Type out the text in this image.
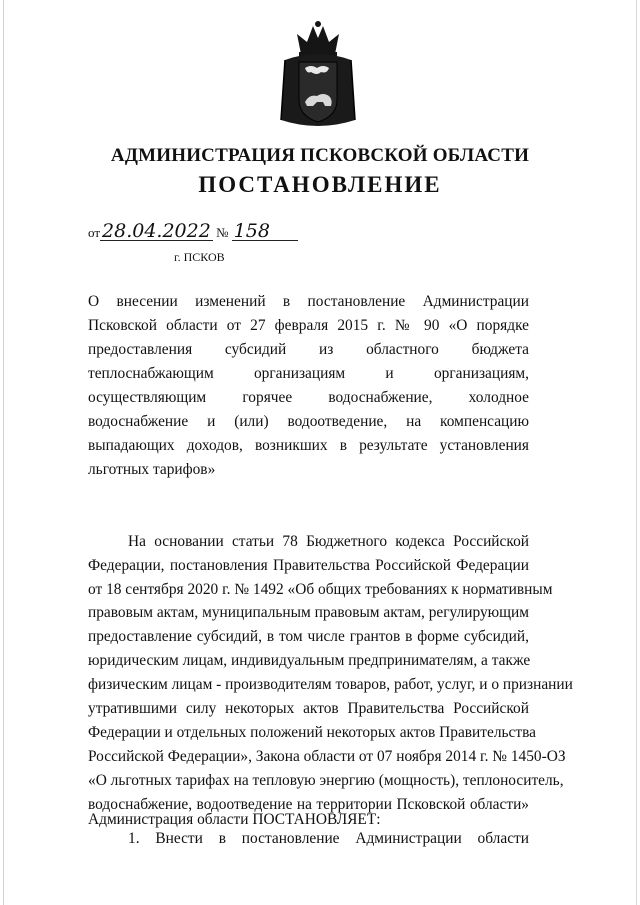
АДМИНИСТРАЦИЯ ПСКОВСКОЙ ОБЛАСТИ
ПОСТАНОВЛЕНИЕ
от 28.04.2022 № 158
г. ПСКОВ
О внесении изменений в постановление Администрации
Псковской области от 27 февраля 2015 г. № 90 «О порядке
предоставления субсидий из областного бюджета
теплоснабжающим организациям и организациям,
осуществляющим горячее водоснабжение, холодное
водоснабжение и (или) водоотведение, на компенсацию
выпадающих доходов, возникших в результате установления
льготных тарифов»
На основании статьи 78 Бюджетного кодекса Российской
Федерации, постановления Правительства Российской Федерации
от 18 сентября 2020 г. № 1492 «Об общих требованиях к нормативным
правовым актам, муниципальным правовым актам, регулирующим
предоставление субсидий, в том числе грантов в форме субсидий,
юридическим лицам, индивидуальным предпринимателям, а также
физическим лицам - производителям товаров, работ, услуг, и о признании
утратившими силу некоторых актов Правительства Российской
Федерации и отдельных положений некоторых актов Правительства
Российской Федерации», Закона области от 07 ноября 2014 г. № 1450-ОЗ
«О льготных тарифах на тепловую энергию (мощность), теплоноситель,
водоснабжение, водоотведение на территории Псковской области»
Администрация области ПОСТАНОВЛЯЕТ:
1. Внести в постановление Администрации области
